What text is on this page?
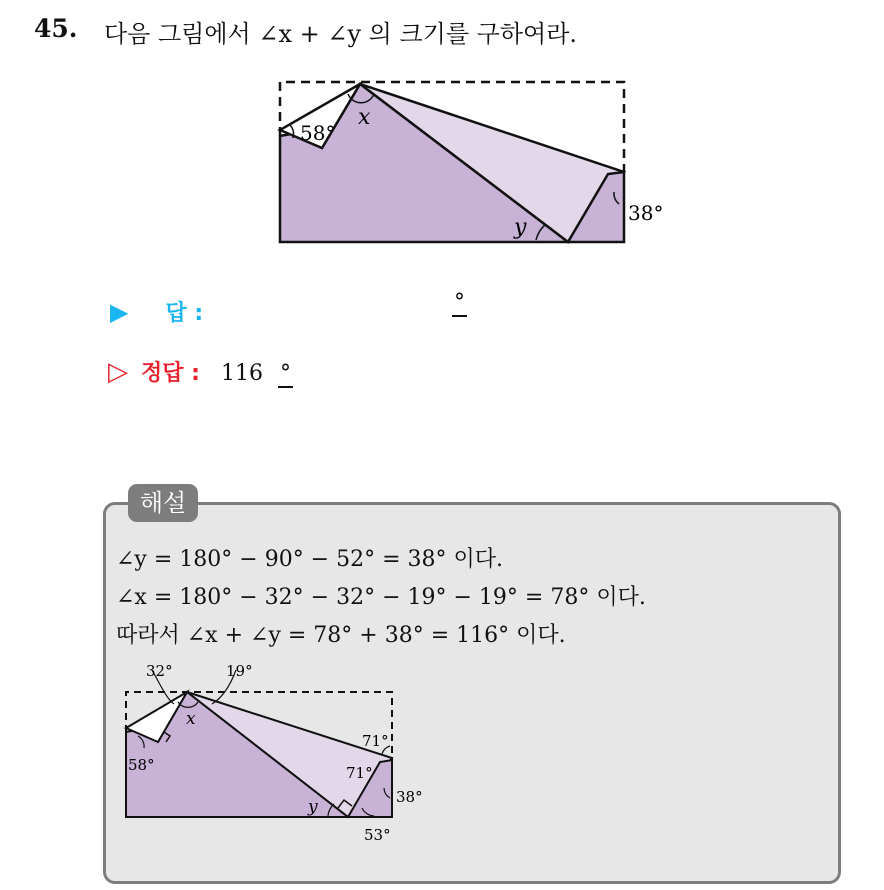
45. 다음 그림에서 ∠x + ∠y 의 크기를 구하여라.
58°
x
y
38°
▶ 답 :	°
▷ 정답 : 116 °
해설
∠y = 180° − 90° − 52° = 38° 이다.
∠x = 180° − 32° − 32° − 19° − 19° = 78° 이다.
따라서 ∠x + ∠y = 78° + 38° = 116° 이다.
32°	19°
x
58°
71°
71°
38°
y
53°
